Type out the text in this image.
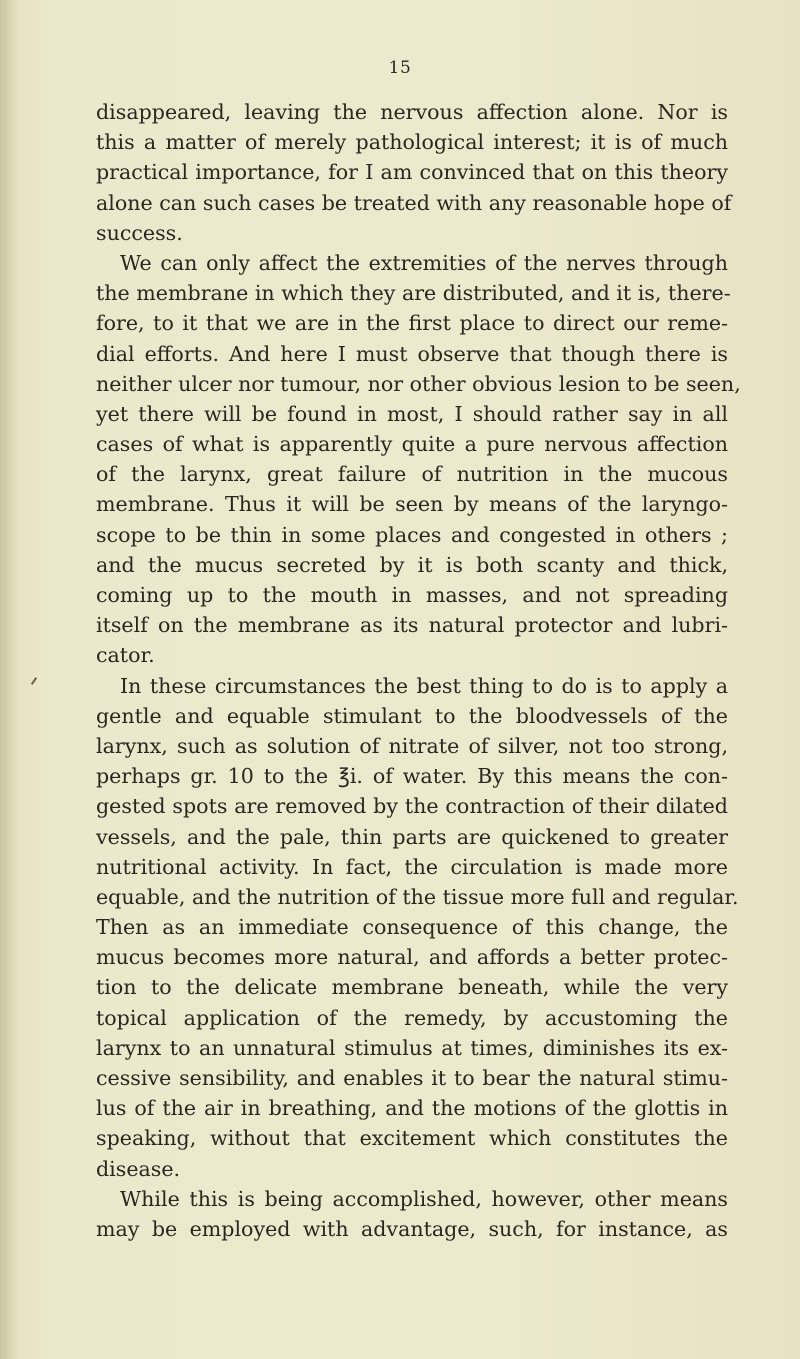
15
disappeared, leaving the nervous affection alone. Nor is
this a matter of merely pathological interest; it is of much
practical importance, for I am convinced that on this theory
alone can such cases be treated with any reasonable hope of
success.
We can only affect the extremities of the nerves through
the membrane in which they are distributed, and it is, there-
fore, to it that we are in the first place to direct our reme-
dial efforts. And here I must observe that though there is
neither ulcer nor tumour, nor other obvious lesion to be seen,
yet there will be found in most, I should rather say in all
cases of what is apparently quite a pure nervous affection
of the larynx, great failure of nutrition in the mucous
membrane. Thus it will be seen by means of the laryngo-
scope to be thin in some places and congested in others ;
and the mucus secreted by it is both scanty and thick,
coming up to the mouth in masses, and not spreading
itself on the membrane as its natural protector and lubri-
cator.
In these circumstances the best thing to do is to apply a
gentle and equable stimulant to the bloodvessels of the
larynx, such as solution of nitrate of silver, not too strong,
perhaps gr. 10 to the ℥i. of water. By this means the con-
gested spots are removed by the contraction of their dilated
vessels, and the pale, thin parts are quickened to greater
nutritional activity. In fact, the circulation is made more
equable, and the nutrition of the tissue more full and regular.
Then as an immediate consequence of this change, the
mucus becomes more natural, and affords a better protec-
tion to the delicate membrane beneath, while the very
topical application of the remedy, by accustoming the
larynx to an unnatural stimulus at times, diminishes its ex-
cessive sensibility, and enables it to bear the natural stimu-
lus of the air in breathing, and the motions of the glottis in
speaking, without that excitement which constitutes the
disease.
While this is being accomplished, however, other means
may be employed with advantage, such, for instance, as
